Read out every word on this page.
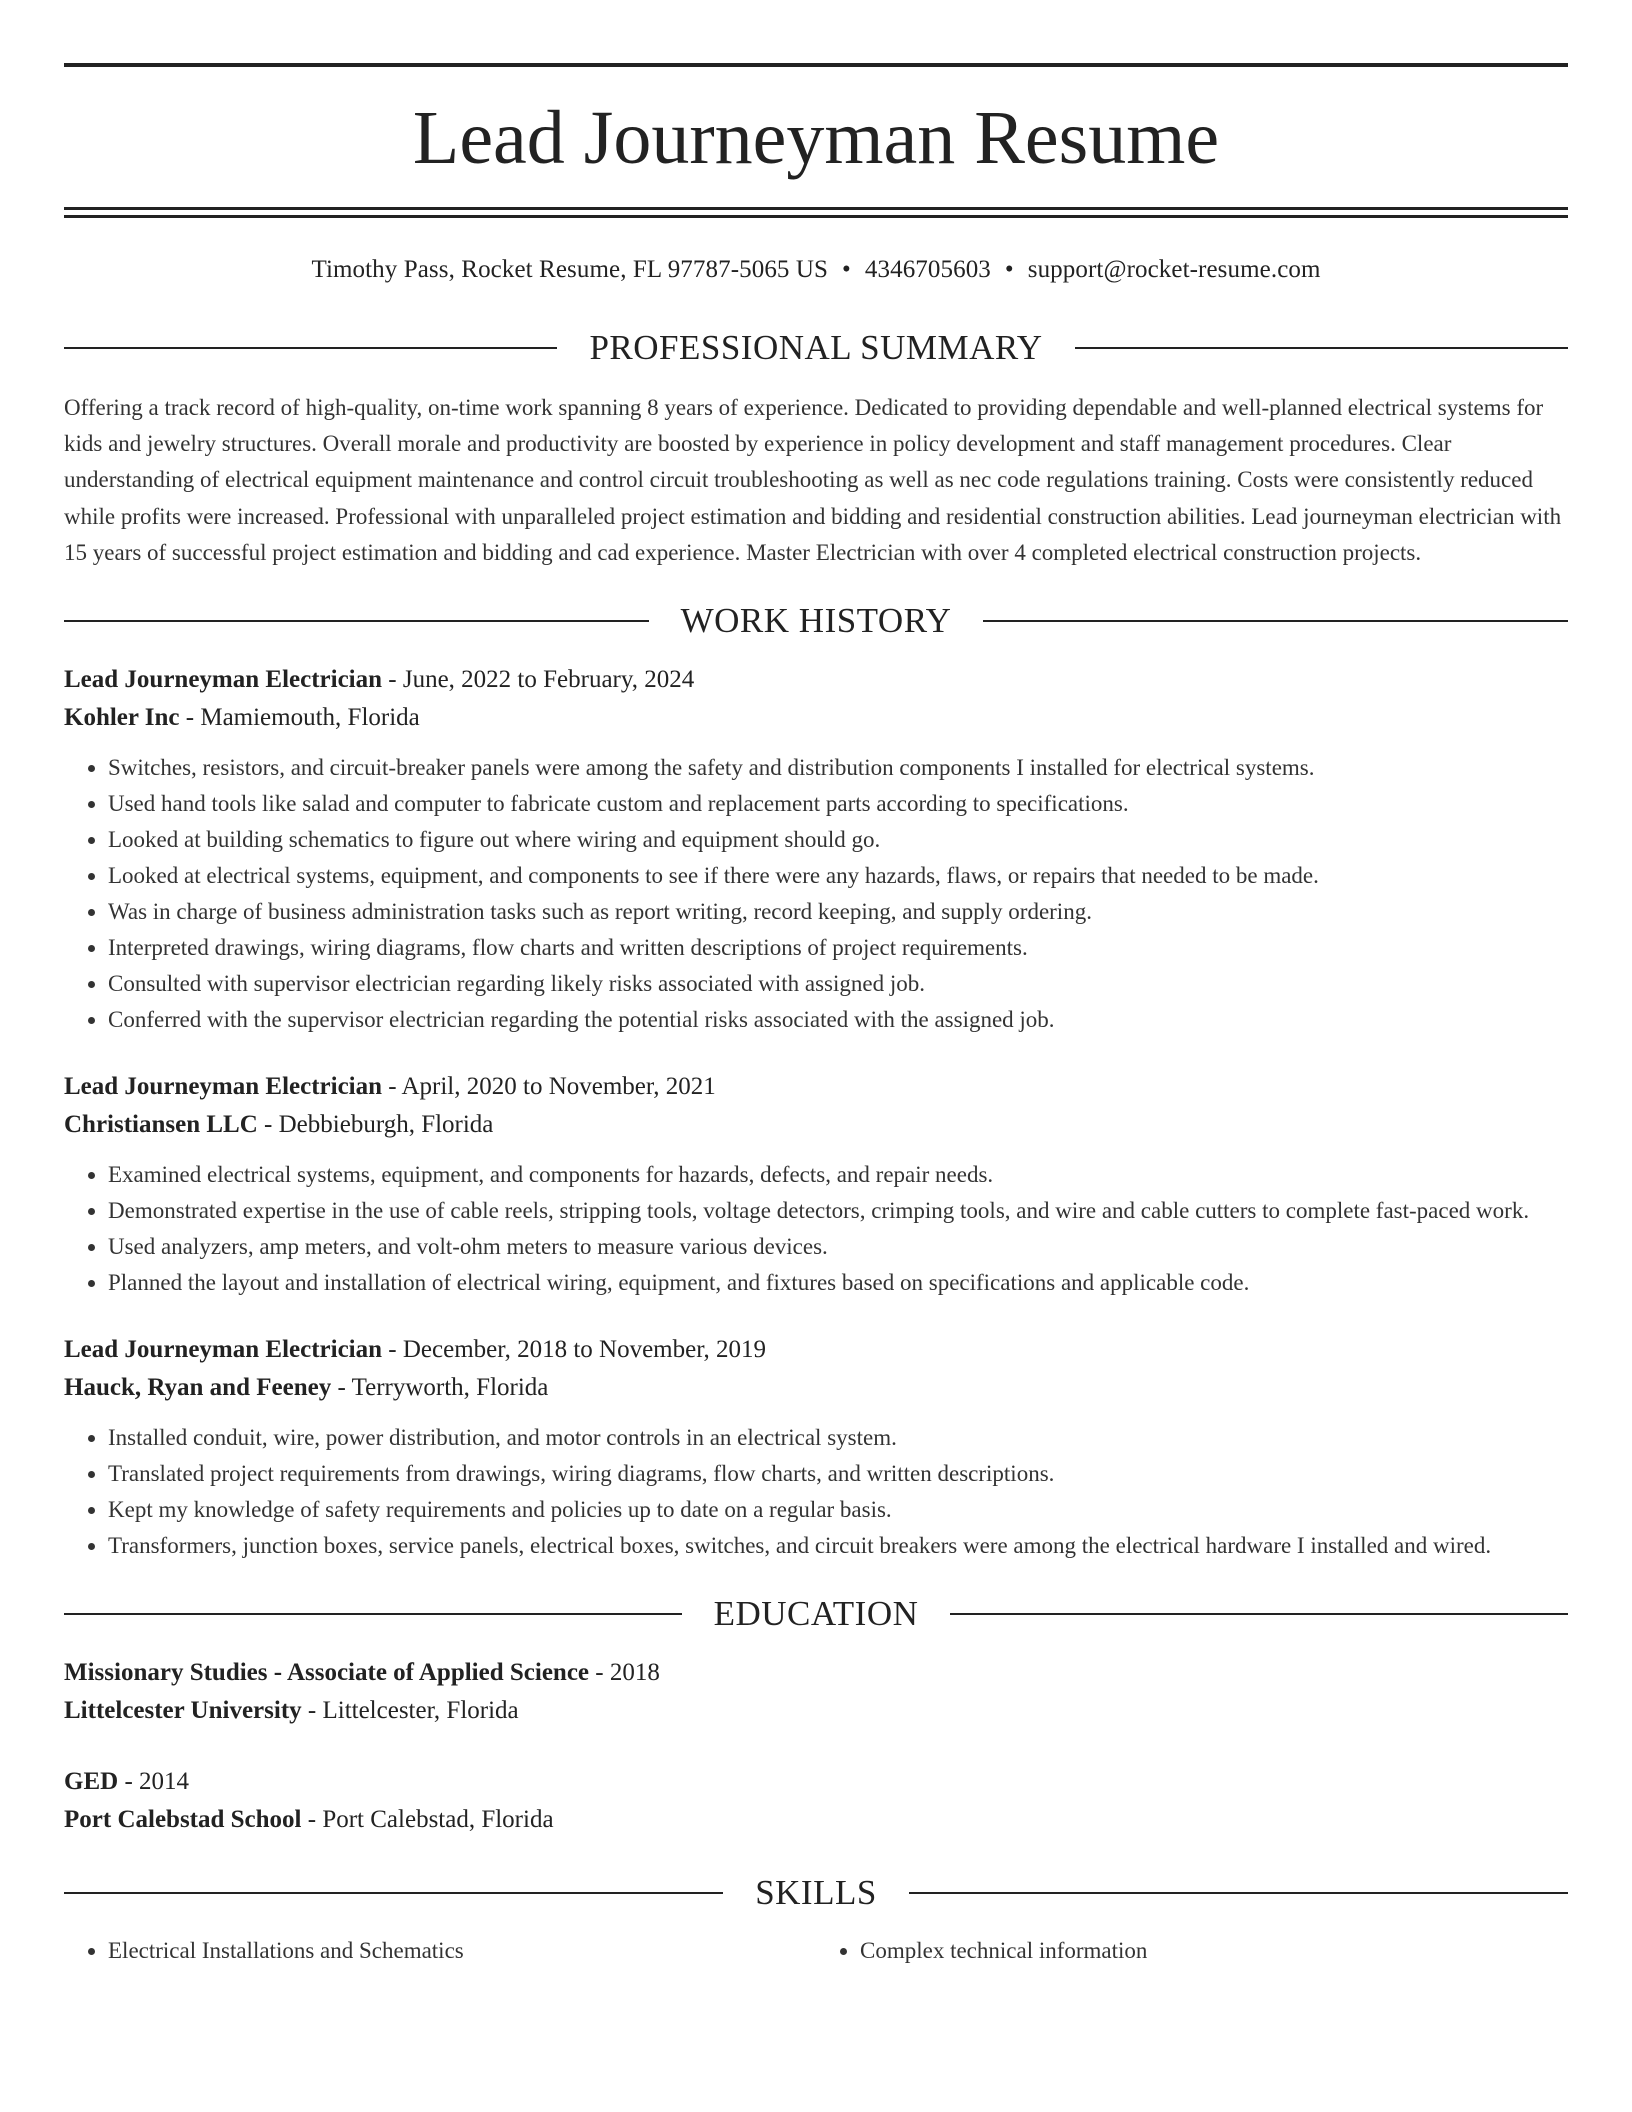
Lead Journeyman Resume
Timothy Pass, Rocket Resume, FL 97787-5065 US • 4346705603 • support@rocket-resume.com
PROFESSIONAL SUMMARY
Offering a track record of high-quality, on-time work spanning 8 years of experience. Dedicated to providing dependable and well-planned electrical systems for kids and jewelry structures. Overall morale and productivity are boosted by experience in policy development and staff management procedures. Clear understanding of electrical equipment maintenance and control circuit troubleshooting as well as nec code regulations training. Costs were consistently reduced while profits were increased. Professional with unparalleled project estimation and bidding and residential construction abilities. Lead journeyman electrician with 15 years of successful project estimation and bidding and cad experience. Master Electrician with over 4 completed electrical construction projects.
WORK HISTORY
Lead Journeyman Electrician - June, 2022 to February, 2024
Kohler Inc - Mamiemouth, Florida
• Switches, resistors, and circuit-breaker panels were among the safety and distribution components I installed for electrical systems.
• Used hand tools like salad and computer to fabricate custom and replacement parts according to specifications.
• Looked at building schematics to figure out where wiring and equipment should go.
• Looked at electrical systems, equipment, and components to see if there were any hazards, flaws, or repairs that needed to be made.
• Was in charge of business administration tasks such as report writing, record keeping, and supply ordering.
• Interpreted drawings, wiring diagrams, flow charts and written descriptions of project requirements.
• Consulted with supervisor electrician regarding likely risks associated with assigned job.
• Conferred with the supervisor electrician regarding the potential risks associated with the assigned job.
Lead Journeyman Electrician - April, 2020 to November, 2021
Christiansen LLC - Debbieburgh, Florida
• Examined electrical systems, equipment, and components for hazards, defects, and repair needs.
• Demonstrated expertise in the use of cable reels, stripping tools, voltage detectors, crimping tools, and wire and cable cutters to complete fast-paced work.
• Used analyzers, amp meters, and volt-ohm meters to measure various devices.
• Planned the layout and installation of electrical wiring, equipment, and fixtures based on specifications and applicable code.
Lead Journeyman Electrician - December, 2018 to November, 2019
Hauck, Ryan and Feeney - Terryworth, Florida
• Installed conduit, wire, power distribution, and motor controls in an electrical system.
• Translated project requirements from drawings, wiring diagrams, flow charts, and written descriptions.
• Kept my knowledge of safety requirements and policies up to date on a regular basis.
• Transformers, junction boxes, service panels, electrical boxes, switches, and circuit breakers were among the electrical hardware I installed and wired.
EDUCATION
Missionary Studies - Associate of Applied Science - 2018
Littelcester University - Littelcester, Florida
GED - 2014
Port Calebstad School - Port Calebstad, Florida
SKILLS
• Electrical Installations and Schematics
•	Complex technical information
